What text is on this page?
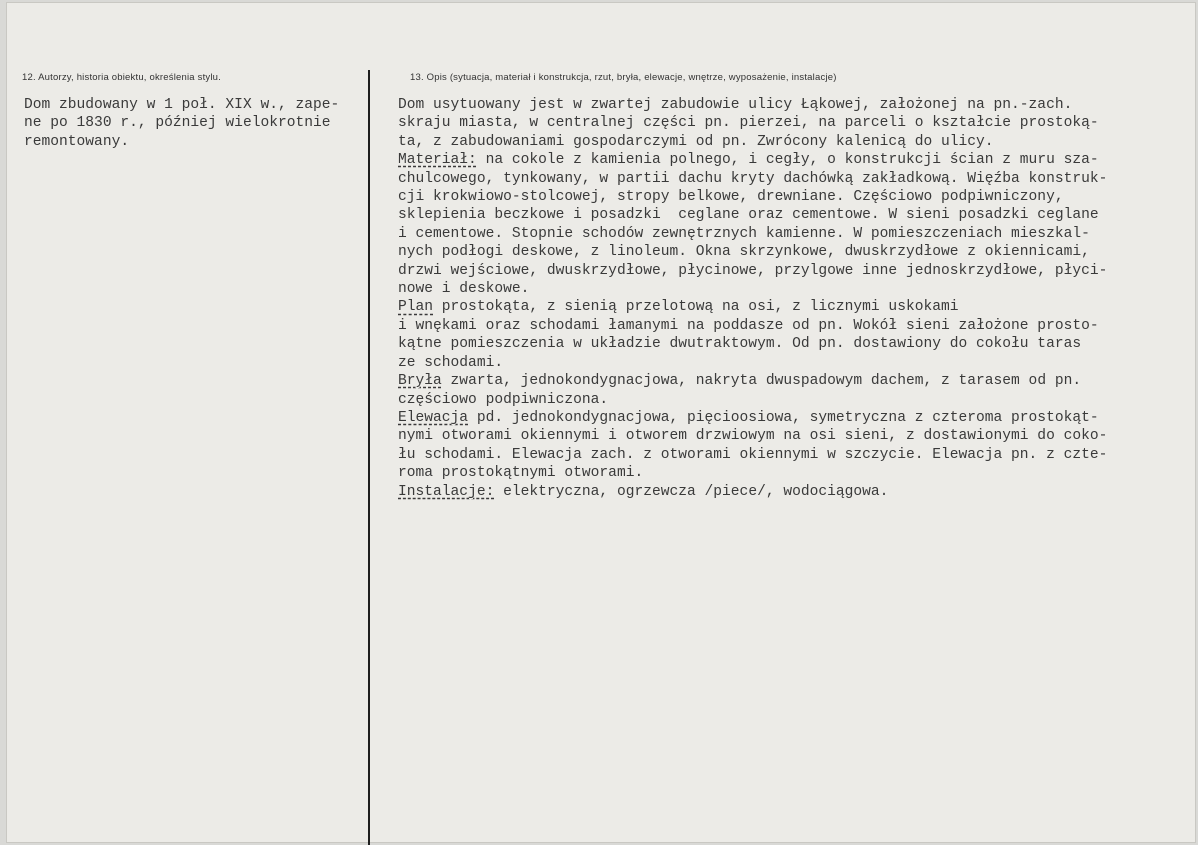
12. Autorzy, historia obiektu, określenia stylu.	13. Opis (sytuacja, materiał i konstrukcja, rzut, bryła, elewacje, wnętrze, wyposażenie, instalacje)
Dom zbudowany w 1 poł. XIX w., zape-
ne po 1830 r., później wielokrotnie
remontowany.
Dom usytuowany jest w zwartej zabudowie ulicy Łąkowej, założonej na pn.-zach.
skraju miasta, w centralnej części pn. pierzei, na parceli o kształcie prostoką-
ta, z zabudowaniami gospodarczymi od pn. Zwrócony kalenicą do ulicy.
Materiał: na cokole z kamienia polnego, i cegły, o konstrukcji ścian z muru sza-
chulcowego, tynkowany, w partii dachu kryty dachówką zakładkową. Więźba konstruk-
cji krokwiowo-stolcowej, stropy belkowe, drewniane. Częściowo podpiwniczony,
sklepienia beczkowe i posadzki  ceglane oraz cementowe. W sieni posadzki ceglane
i cementowe. Stopnie schodów zewnętrznych kamienne. W pomieszczeniach mieszkal-
nych podłogi deskowe, z linoleum. Okna skrzynkowe, dwuskrzydłowe z okiennicami,
drzwi wejściowe, dwuskrzydłowe, płycinowe, przylgowe inne jednoskrzydłowe, płyci-
nowe i deskowe.
Plan prostokąta, z sienią przelotową na osi, z licznymi uskokami
i wnękami oraz schodami łamanymi na poddasze od pn. Wokół sieni założone prosto-
kątne pomieszczenia w układzie dwutraktowym. Od pn. dostawiony do cokołu taras
ze schodami.
Bryła zwarta, jednokondygnacjowa, nakryta dwuspadowym dachem, z tarasem od pn.
częściowo podpiwniczona.
Elewacja pd. jednokondygnacjowa, pięcioosiowa, symetryczna z czteroma prostokąt-
nymi otworami okiennymi i otworem drzwiowym na osi sieni, z dostawionymi do coko-
łu schodami. Elewacja zach. z otworami okiennymi w szczycie. Elewacja pn. z czte-
roma prostokątnymi otworami.
Instalacje: elektryczna, ogrzewcza /piece/, wodociągowa.
